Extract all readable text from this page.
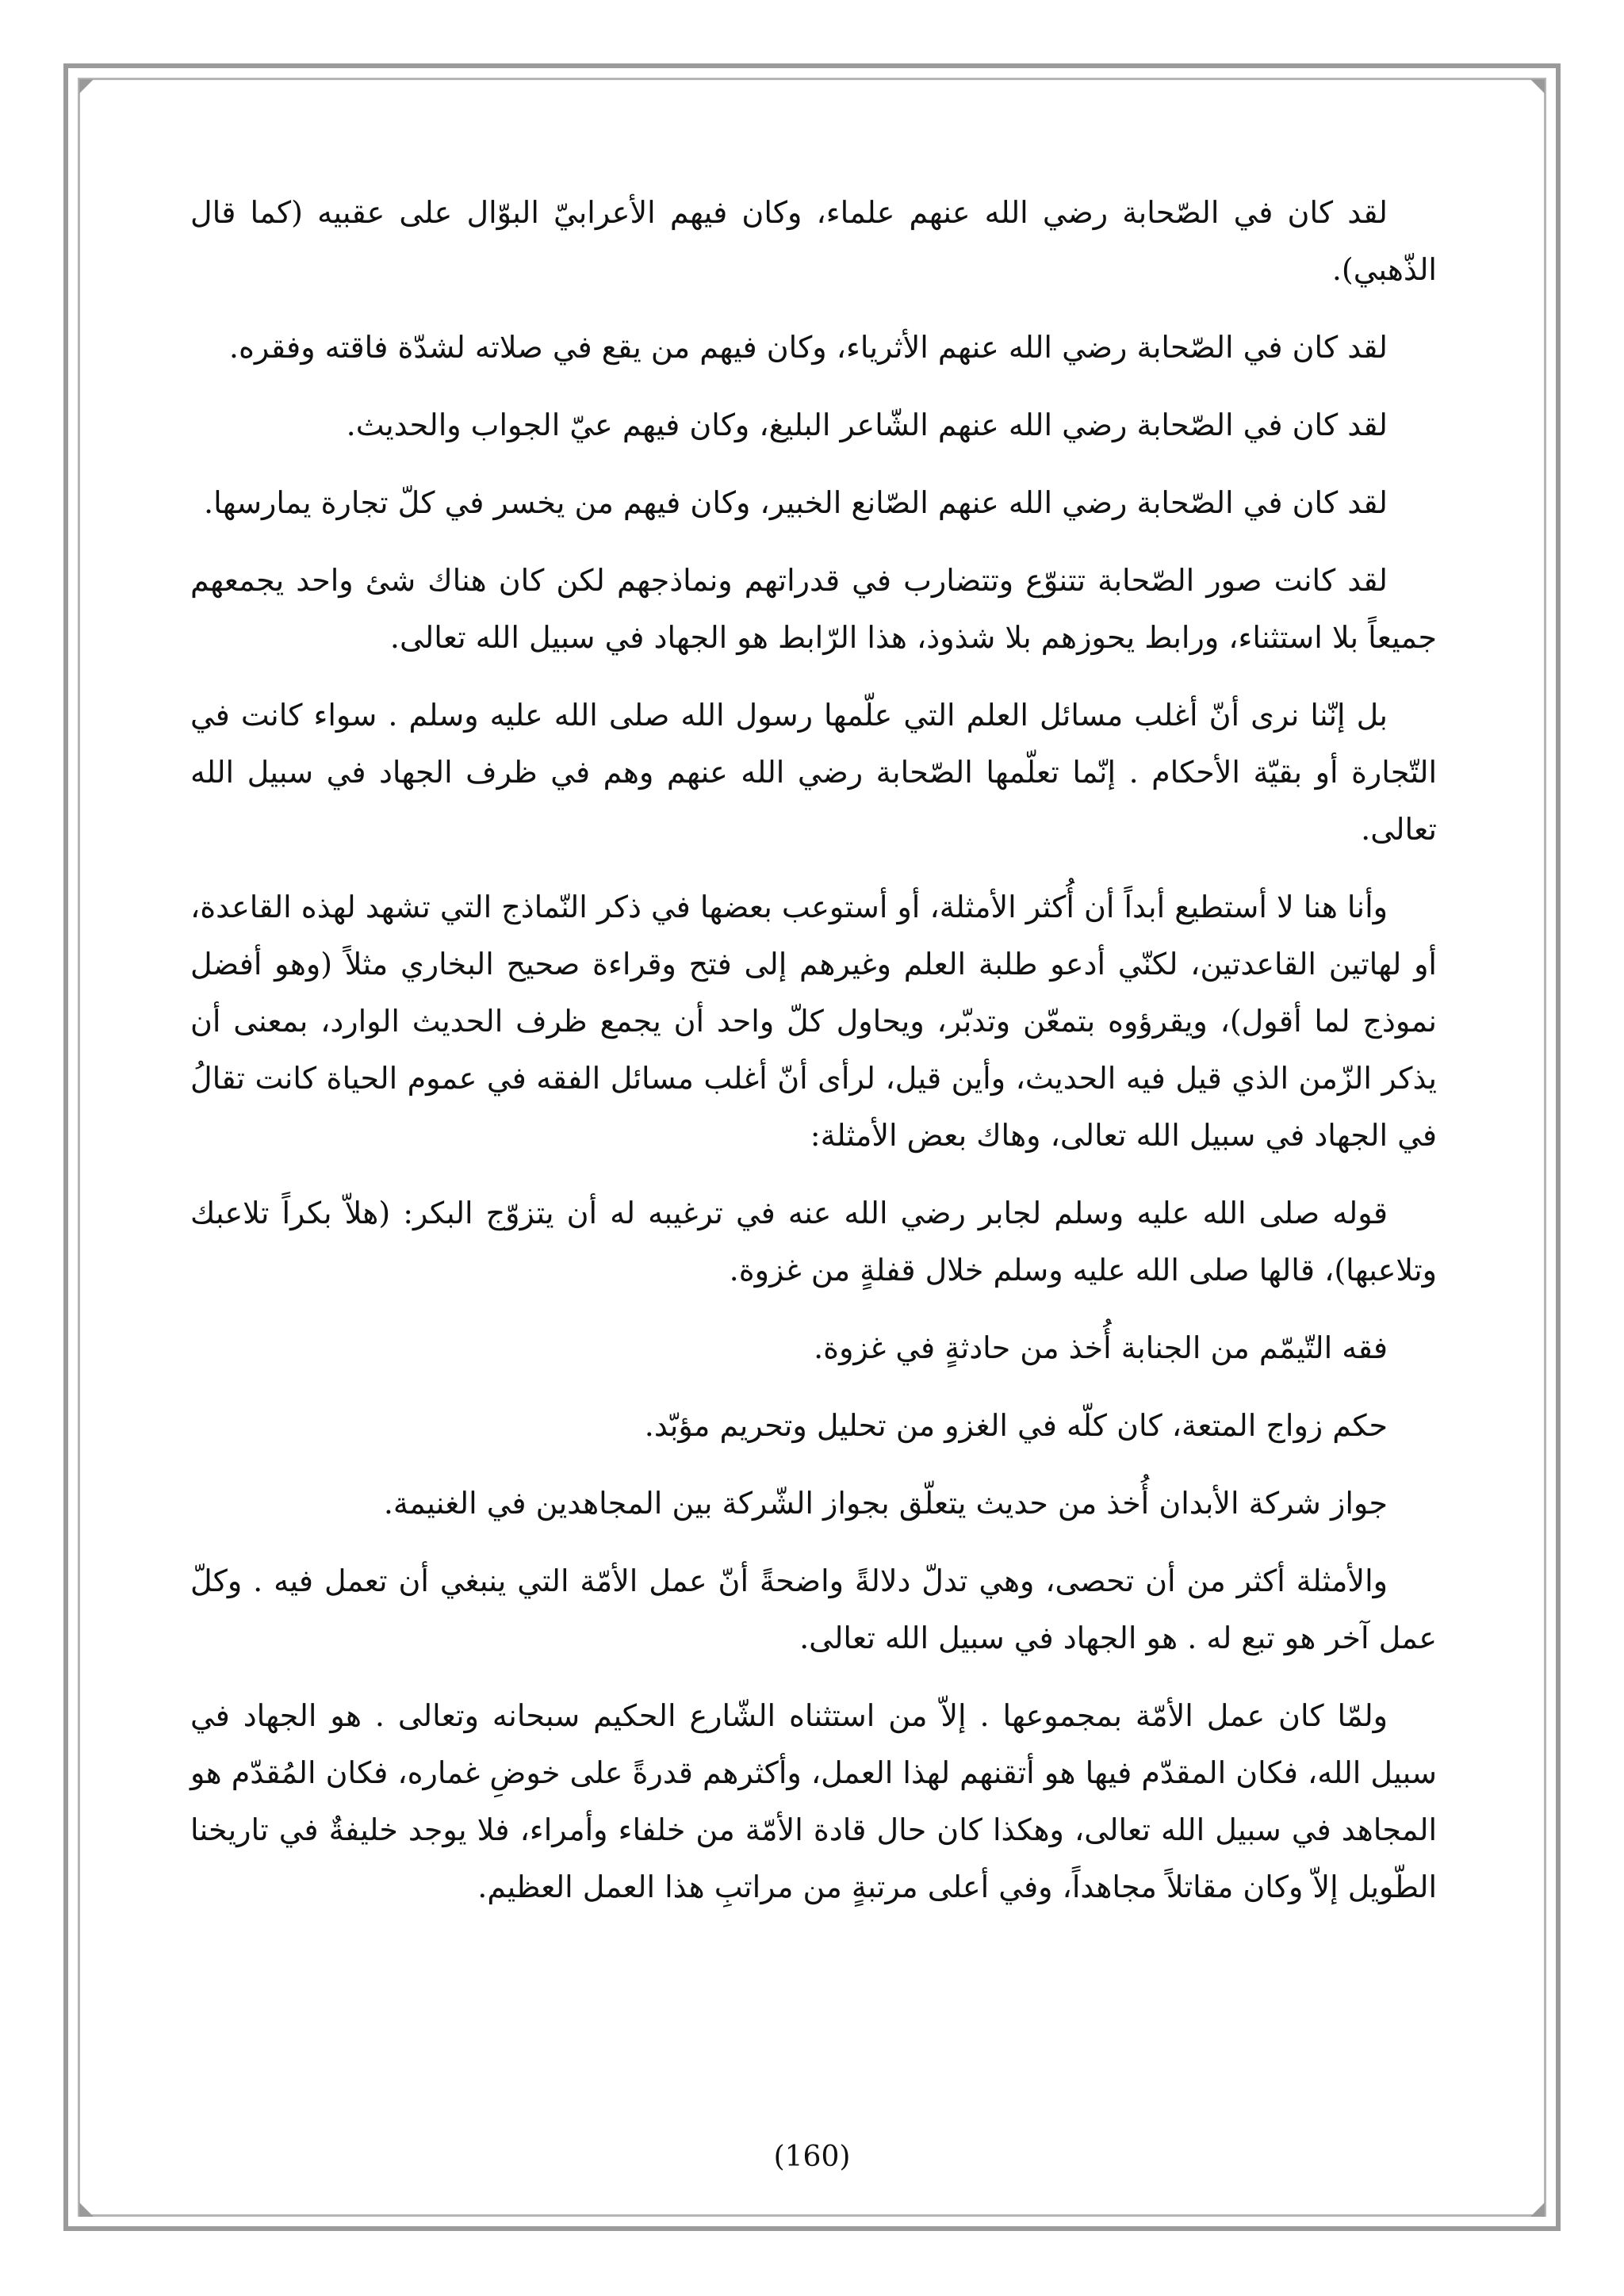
لقد كان في الصّحابة رضي الله عنهم علماء، وكان فيهم الأعرابيّ البوّال على عقبيه (كما قال الذّهبي).

لقد كان في الصّحابة رضي الله عنهم الأثرياء، وكان فيهم من يقع في صلاته لشدّة فاقته وفقره.

لقد كان في الصّحابة رضي الله عنهم الشّاعر البليغ، وكان فيهم عيّ الجواب والحديث.

لقد كان في الصّحابة رضي الله عنهم الصّانع الخبير، وكان فيهم من يخسر في كلّ تجارة يمارسها.

لقد كانت صور الصّحابة تتنوّع وتتضارب في قدراتهم ونماذجهم لكن كان هناك شئ واحد يجمعهم جميعاً بلا استثناء، ورابط يحوزهم بلا شذوذ، هذا الرّابط هو الجهاد في سبيل الله تعالى.

بل إنّنا نرى أنّ أغلب مسائل العلم التي علّمها رسول الله صلى الله عليه وسلم . سواء كانت في التّجارة أو بقيّة الأحكام . إنّما تعلّمها الصّحابة رضي الله عنهم وهم في ظرف الجهاد في سبيل الله تعالى.

وأنا هنا لا أستطيع أبداً أن أُكثر الأمثلة، أو أستوعب بعضها في ذكر النّماذج التي تشهد لهذه القاعدة، أو لهاتين القاعدتين، لكنّي أدعو طلبة العلم وغيرهم إلى فتح وقراءة صحيح البخاري مثلاً (وهو أفضل نموذج لما أقول)، ويقرؤوه بتمعّن وتدبّر، ويحاول كلّ واحد أن يجمع ظرف الحديث الوارد، بمعنى أن يذكر الزّمن الذي قيل فيه الحديث، وأين قيل، لرأى أنّ أغلب مسائل الفقه في عموم الحياة كانت تقالُ في الجهاد في سبيل الله تعالى، وهاك بعض الأمثلة:

قوله صلى الله عليه وسلم لجابر رضي الله عنه في ترغيبه له أن يتزوّج البكر: (هلاّ بكراً تلاعبك وتلاعبها)، قالها صلى الله عليه وسلم خلال قفلةٍ من غزوة.

فقه التّيمّم من الجنابة أُخذ من حادثةٍ في غزوة.

حكم زواج المتعة، كان كلّه في الغزو من تحليل وتحريم مؤبّد.

جواز شركة الأبدان أُخذ من حديث يتعلّق بجواز الشّركة بين المجاهدين في الغنيمة.

والأمثلة أكثر من أن تحصى، وهي تدلّ دلالةً واضحةً أنّ عمل الأمّة التي ينبغي أن تعمل فيه . وكلّ عمل آخر هو تبع له . هو الجهاد في سبيل الله تعالى.

ولمّا كان عمل الأمّة بمجموعها . إلاّ من استثناه الشّارع الحكيم سبحانه وتعالى . هو الجهاد في سبيل الله، فكان المقدّم فيها هو أتقنهم لهذا العمل، وأكثرهم قدرةً على خوضِ غماره، فكان المُقدّم هو المجاهد في سبيل الله تعالى، وهكذا كان حال قادة الأمّة من خلفاء وأمراء، فلا يوجد خليفةٌ في تاريخنا الطّويل إلاّ وكان مقاتلاً مجاهداً، وفي أعلى مرتبةٍ من مراتبِ هذا العمل العظيم.

(160)
